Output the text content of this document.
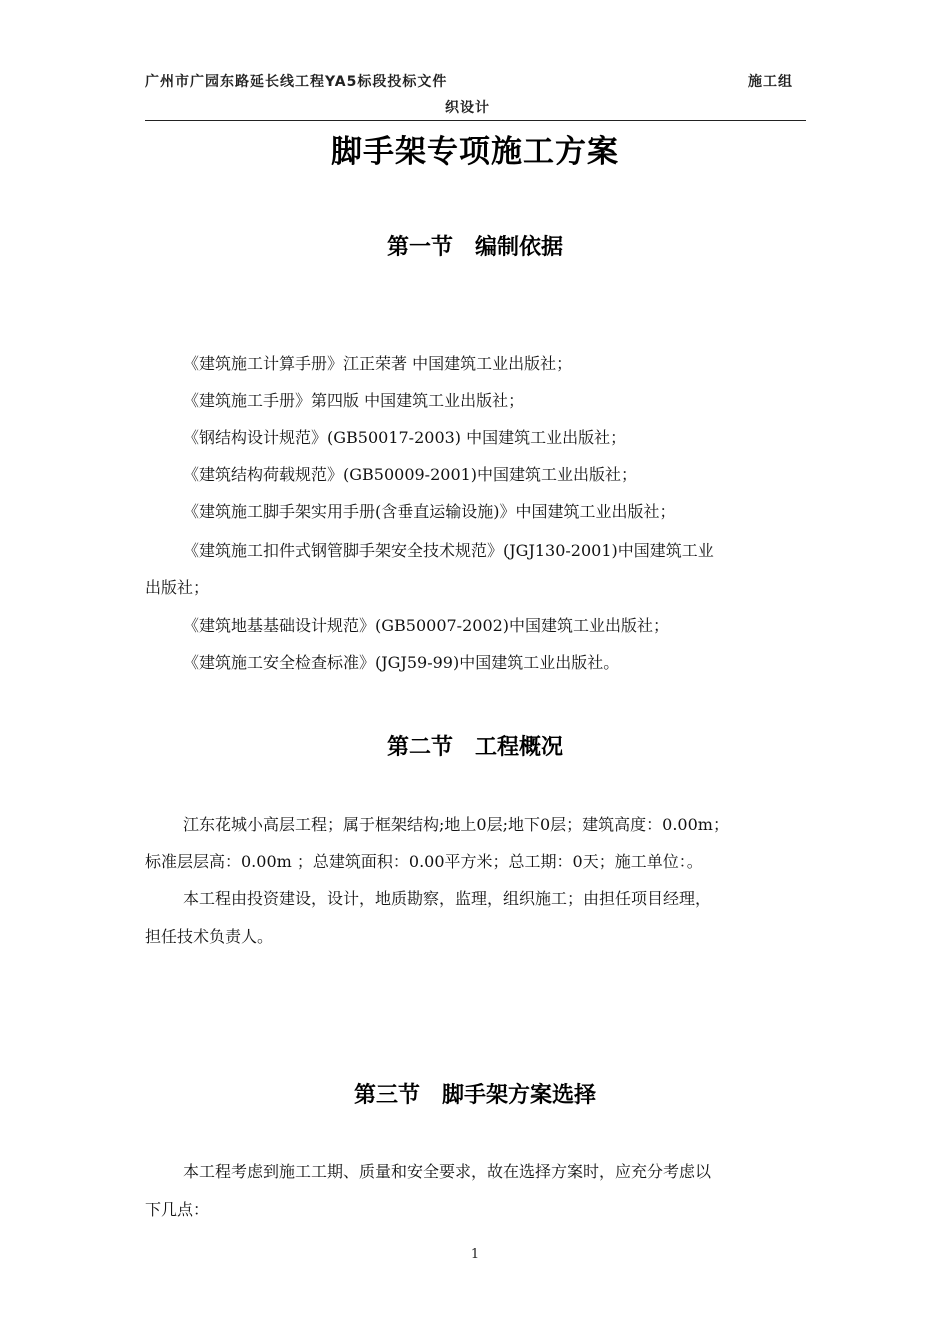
广州市广园东路延长线工程YA5标段投标文件	施工组
织设计
脚手架专项施工方案
第一节　编制依据
《建筑施工计算手册》江正荣著 中国建筑工业出版社；
《建筑施工手册》第四版 中国建筑工业出版社；
《钢结构设计规范》(GB50017-2003) 中国建筑工业出版社；
《建筑结构荷载规范》(GB50009-2001)中国建筑工业出版社；
《建筑施工脚手架实用手册(含垂直运输设施)》中国建筑工业出版社；
《建筑施工扣件式钢管脚手架安全技术规范》(JGJ130-2001)中国建筑工业
出版社；
《建筑地基基础设计规范》(GB50007-2002)中国建筑工业出版社；
《建筑施工安全检查标准》(JGJ59-99)中国建筑工业出版社。
第二节　工程概况
江东花城小高层工程；属于框架结构;地上0层;地下0层；建筑高度：0.00m；
标准层层高：0.00m ；总建筑面积：0.00平方米；总工期：0天；施工单位：。
本工程由投资建设，设计，地质勘察，监理，组织施工；由担任项目经理，
担任技术负责人。
第三节　脚手架方案选择
本工程考虑到施工工期、质量和安全要求，故在选择方案时，应充分考虑以
下几点：
1
